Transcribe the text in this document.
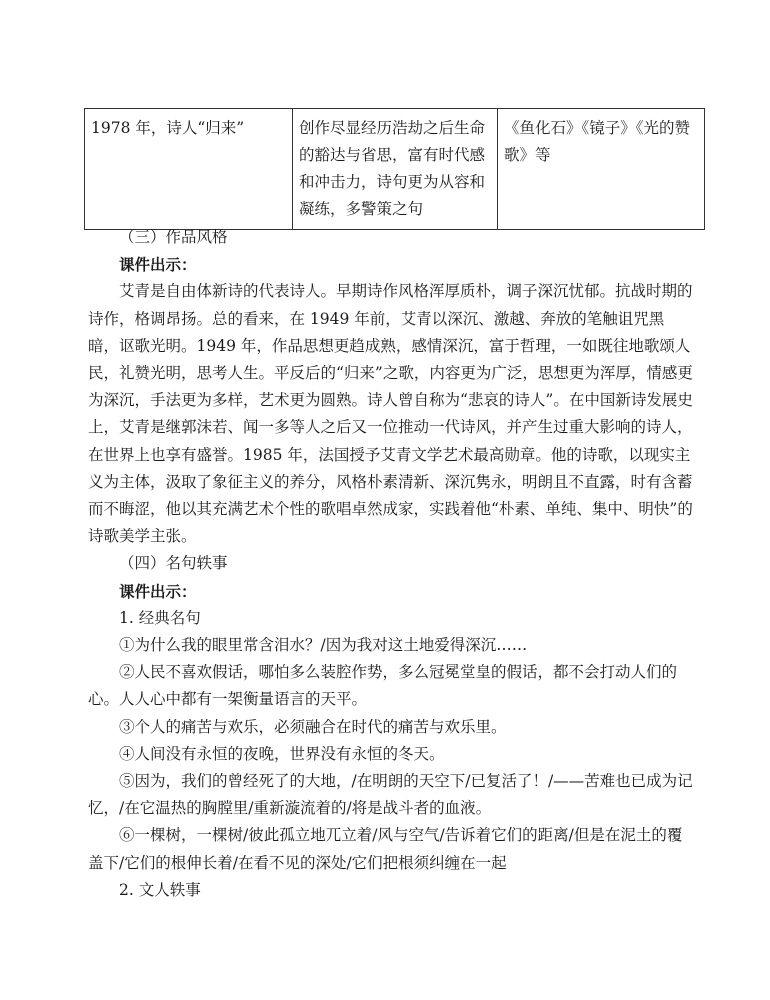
1978 年，诗人“归来”	创作尽显经历浩劫之后生命的豁达与省思，富有时代感和冲击力，诗句更为从容和凝练，多警策之句	《鱼化石》《镜子》《光的赞歌》等

（三）作品风格

课件出示：

艾青是自由体新诗的代表诗人。早期诗作风格浑厚质朴，调子深沉忧郁。抗战时期的诗作，格调昂扬。总的看来，在 1949 年前，艾青以深沉、激越、奔放的笔触诅咒黑暗，讴歌光明。1949 年，作品思想更趋成熟，感情深沉，富于哲理，一如既往地歌颂人民，礼赞光明，思考人生。平反后的“归来”之歌，内容更为广泛，思想更为浑厚，情感更为深沉，手法更为多样，艺术更为圆熟。诗人曾自称为“悲哀的诗人”。在中国新诗发展史上，艾青是继郭沫若、闻一多等人之后又一位推动一代诗风，并产生过重大影响的诗人，在世界上也享有盛誉。1985 年，法国授予艾青文学艺术最高勋章。他的诗歌，以现实主义为主体，汲取了象征主义的养分，风格朴素清新、深沉隽永，明朗且不直露，时有含蓄而不晦涩，他以其充满艺术个性的歌唱卓然成家，实践着他“朴素、单纯、集中、明快”的诗歌美学主张。

（四）名句轶事

课件出示：

1. 经典名句

①为什么我的眼里常含泪水？/因为我对这土地爱得深沉……

②人民不喜欢假话，哪怕多么装腔作势，多么冠冕堂皇的假话，都不会打动人们的心。人人心中都有一架衡量语言的天平。

③个人的痛苦与欢乐，必须融合在时代的痛苦与欢乐里。

④人间没有永恒的夜晚，世界没有永恒的冬天。

⑤因为，我们的曾经死了的大地，/在明朗的天空下/已复活了！/——苦难也已成为记忆，/在它温热的胸膛里/重新漩流着的/将是战斗者的血液。

⑥一棵树，一棵树/彼此孤立地兀立着/风与空气/告诉着它们的距离/但是在泥土的覆盖下/它们的根伸长着/在看不见的深处/它们把根须纠缠在一起

2. 文人轶事
